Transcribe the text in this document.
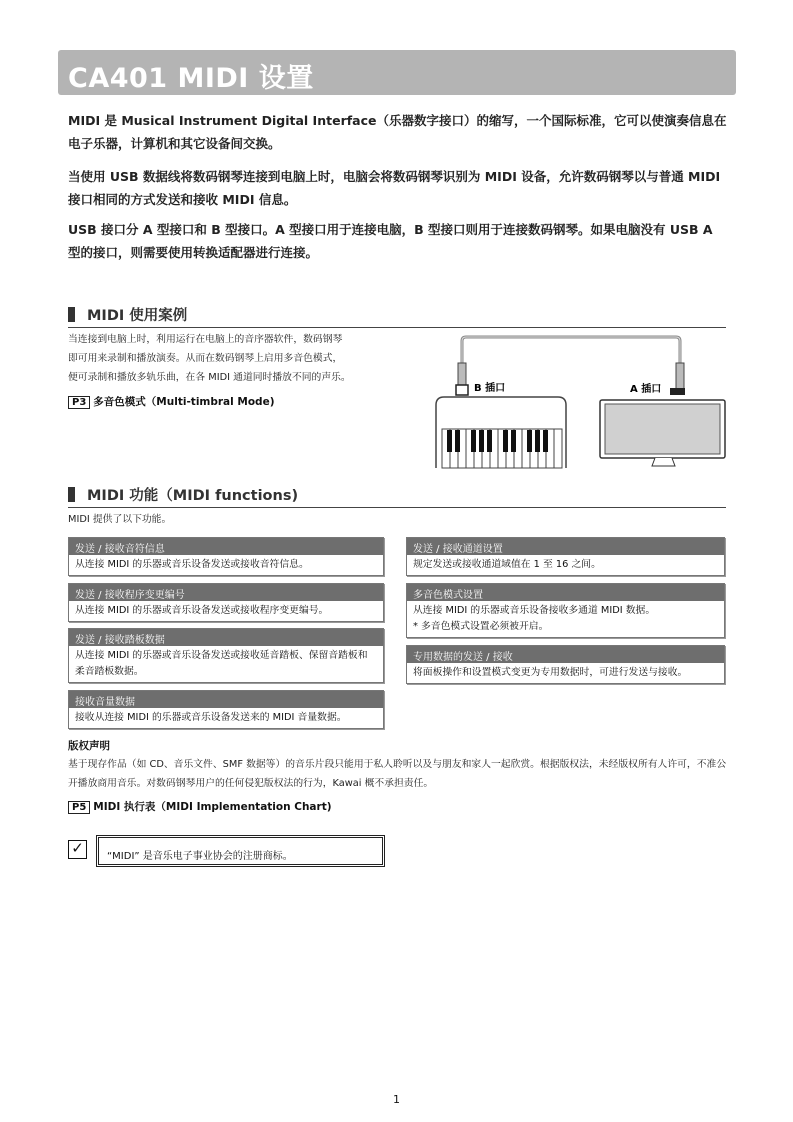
CA401 MIDI 设置

MIDI 是 Musical Instrument Digital Interface（乐器数字接口）的缩写，一个国际标准，它可以使演奏信息在电子乐器，计算机和其它设备间交换。

当使用 USB 数据线将数码钢琴连接到电脑上时，电脑会将数码钢琴识别为 MIDI 设备，允许数码钢琴以与普通 MIDI 接口相同的方式发送和接收 MIDI 信息。

USB 接口分 A 型接口和 B 型接口。A 型接口用于连接电脑，B 型接口则用于连接数码钢琴。如果电脑没有 USB A 型的接口，则需要使用转换适配器进行连接。

MIDI 使用案例
当连接到电脑上时，利用运行在电脑上的音序器软件，数码钢琴
即可用来录制和播放演奏。从而在数码钢琴上启用多音色模式，
便可录制和播放多轨乐曲，在各 MIDI 通道同时播放不同的声乐。
P3 多音色模式（Multi-timbral Mode)
B 插口	A 插口
MIDI 功能（MIDI functions)
MIDI 提供了以下功能。
发送 / 接收音符信息
从连接 MIDI 的乐器或音乐设备发送或接收音符信息。
发送 / 接收程序变更编号
从连接 MIDI 的乐器或音乐设备发送或接收程序变更编号。
发送 / 接收踏板数据
从连接 MIDI 的乐器或音乐设备发送或接收延音踏板、保留音踏板和柔音踏板数据。
接收音量数据
接收从连接 MIDI 的乐器或音乐设备发送来的 MIDI 音量数据。
发送 / 接收通道设置
规定发送或接收通道域值在 1 至 16 之间。
多音色模式设置
从连接 MIDI 的乐器或音乐设备接收多通道 MIDI 数据。
* 多音色模式设置必须被开启。
专用数据的发送 / 接收
将面板操作和设置模式变更为专用数据时，可进行发送与接收。
版权声明
基于现存作品（如 CD、音乐文件、SMF 数据等）的音乐片段只能用于私人聆听以及与朋友和家人一起欣赏。根据版权法，未经版权所有人许可，不准公开播放商用音乐。对数码钢琴用户的任何侵犯版权法的行为，Kawai 概不承担责任。
P5 MIDI 执行表（MIDI Implementation Chart)
✓	“MIDI” 是音乐电子事业协会的注册商标。
1
